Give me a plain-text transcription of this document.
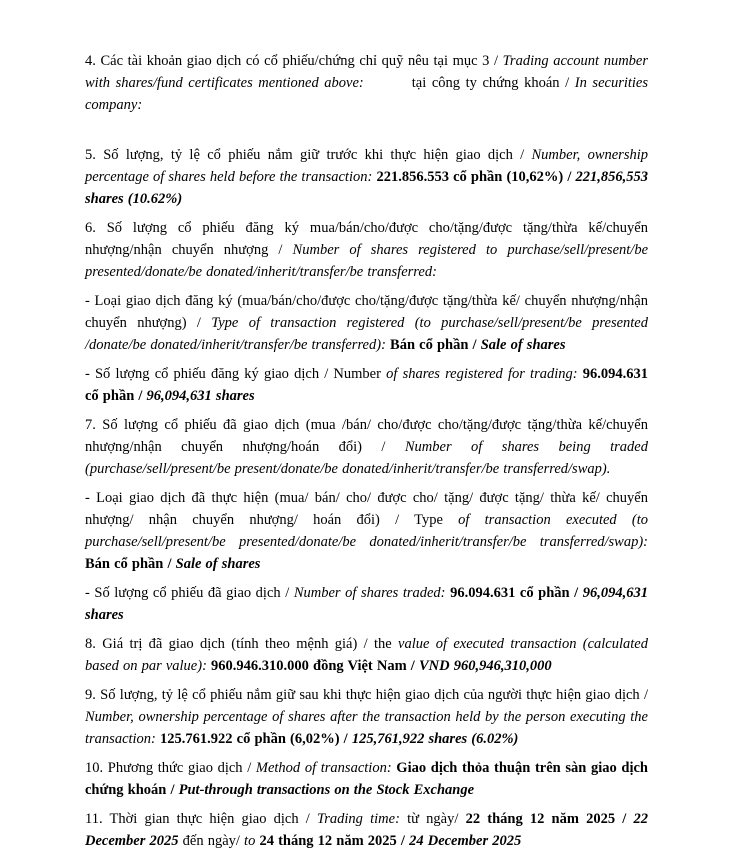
4. Các tài khoản giao dịch có cổ phiếu/chứng chỉ quỹ nêu tại mục 3 / Trading account number with shares/fund certificates mentioned above:	tại công ty chứng khoán / In securities company:

5. Số lượng, tỷ lệ cổ phiếu nắm giữ trước khi thực hiện giao dịch / Number, ownership percentage of shares held before the transaction: 221.856.553 cổ phần (10,62%) / 221,856,553 shares (10.62%)

6. Số lượng cổ phiếu đăng ký mua/bán/cho/được cho/tặng/được tặng/thừa kế/chuyển nhượng/nhận chuyển nhượng / Number of shares registered to purchase/sell/present/be presented/donate/be donated/inherit/transfer/be transferred:

- Loại giao dịch đăng ký (mua/bán/cho/được cho/tặng/được tặng/thừa kế/ chuyển nhượng/nhận chuyển nhượng) / Type of transaction registered (to purchase/sell/present/be presented /donate/be donated/inherit/transfer/be transferred): Bán cổ phần / Sale of shares

- Số lượng cổ phiếu đăng ký giao dịch / Number of shares registered for trading: 96.094.631 cổ phần / 96,094,631 shares

7. Số lượng cổ phiếu đã giao dịch (mua /bán/ cho/được cho/tặng/được tặng/thừa kế/chuyển nhượng/nhận chuyển nhượng/hoán đổi) / Number of shares being traded (purchase/sell/present/be present/donate/be donated/inherit/transfer/be transferred/swap).

- Loại giao dịch đã thực hiện (mua/ bán/ cho/ được cho/ tặng/ được tặng/ thừa kế/ chuyển nhượng/ nhận chuyển nhượng/ hoán đổi) / Type of transaction executed (to purchase/sell/present/be presented/donate/be donated/inherit/transfer/be transferred/swap): Bán cổ phần / Sale of shares

- Số lượng cổ phiếu đã giao dịch / Number of shares traded: 96.094.631 cổ phần / 96,094,631 shares

8. Giá trị đã giao dịch (tính theo mệnh giá) / the value of executed transaction (calculated based on par value): 960.946.310.000 đồng Việt Nam / VND 960,946,310,000

9. Số lượng, tỷ lệ cổ phiếu nắm giữ sau khi thực hiện giao dịch của người thực hiện giao dịch / Number, ownership percentage of shares after the transaction held by the person executing the transaction: 125.761.922 cổ phần (6,02%) / 125,761,922 shares (6.02%)

10. Phương thức giao dịch / Method of transaction: Giao dịch thỏa thuận trên sàn giao dịch chứng khoán / Put-through transactions on the Stock Exchange

11. Thời gian thực hiện giao dịch / Trading time: từ ngày/ 22 tháng 12 năm 2025 / 22 December 2025 đến ngày/ to 24 tháng 12 năm 2025 / 24 December 2025
